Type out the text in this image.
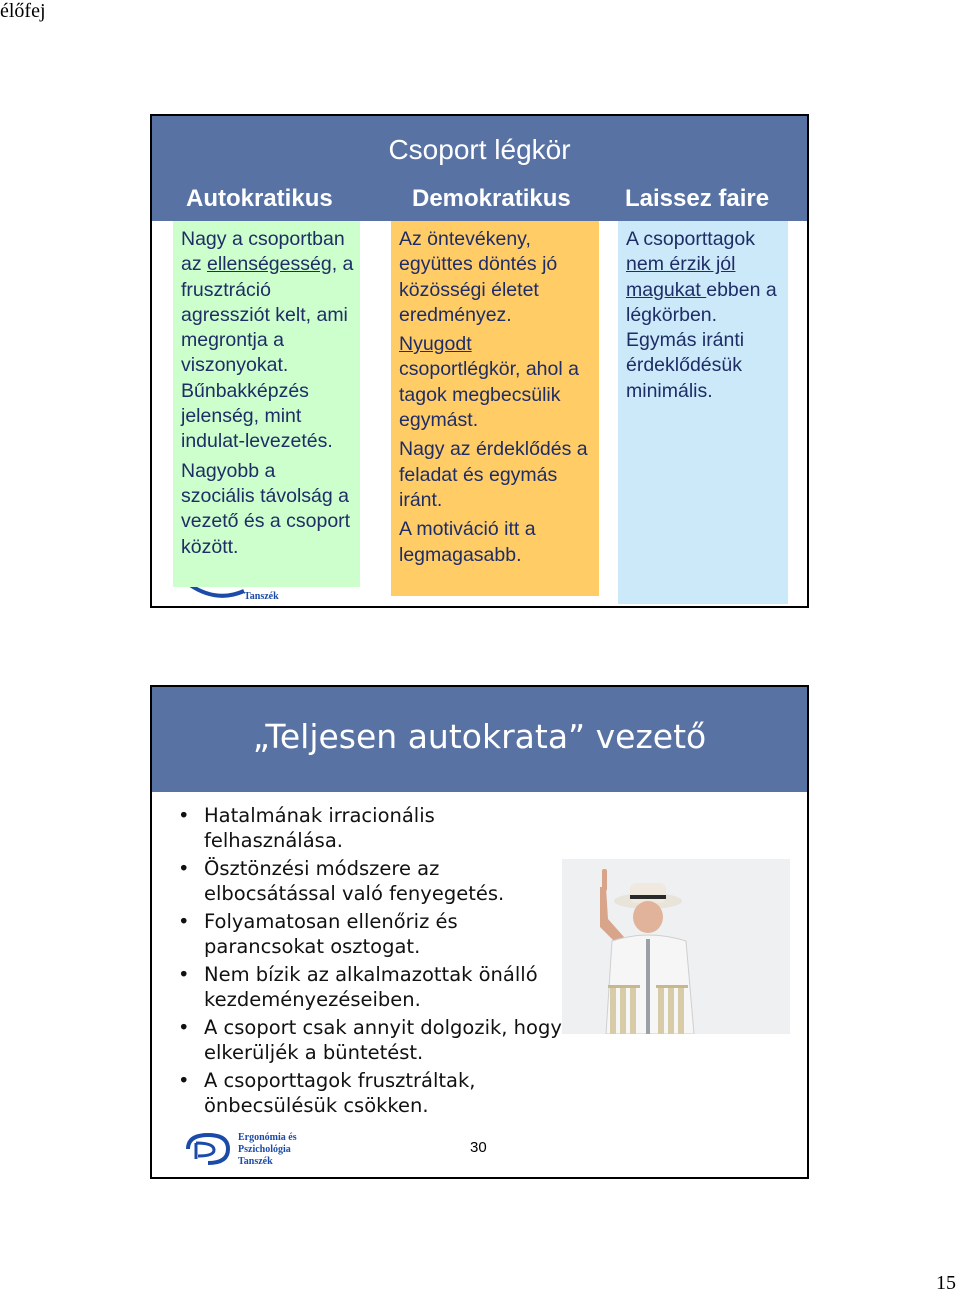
élőfej
Csoport légkör
Autokratikus	Demokratikus Laissez faire
Tanszék

Nagy a csoportban az ellenségesség, a frusztráció agressziót kelt, ami megrontja a viszonyokat. Bűnbakképzés jelenség, mint indulat-levezetés.

Nagyobb a szociális távolság a vezető és a csoport között.

Az öntevékeny, együttes döntés jó közösségi életet eredményez.

Nyugodt csoportlégkör, ahol a tagok megbecsülik egymást.

Nagy az érdeklődés a feladat és egymás iránt.

A motiváció itt a legmagasabb.

A csoporttagok nem érzik jól magukat ebben a légkörben. Egymás iránti érdeklődésük minimális.

„Teljesen autokrata” vezető
• Hatalmának irracionális felhasználása.
• Ösztönzési módszere az elbocsátással való fenyegetés.
• Folyamatosan ellenőriz és parancsokat osztogat.
• Nem bízik az alkalmazottak önálló kezdeményezéseiben.
• A csoport csak annyit dolgozik, hogy elkerüljék a büntetést.
• A csoporttagok frusztráltak, önbecsülésük csökken.
Ergonómia és
Pszichológia
Tanszék
30
15
